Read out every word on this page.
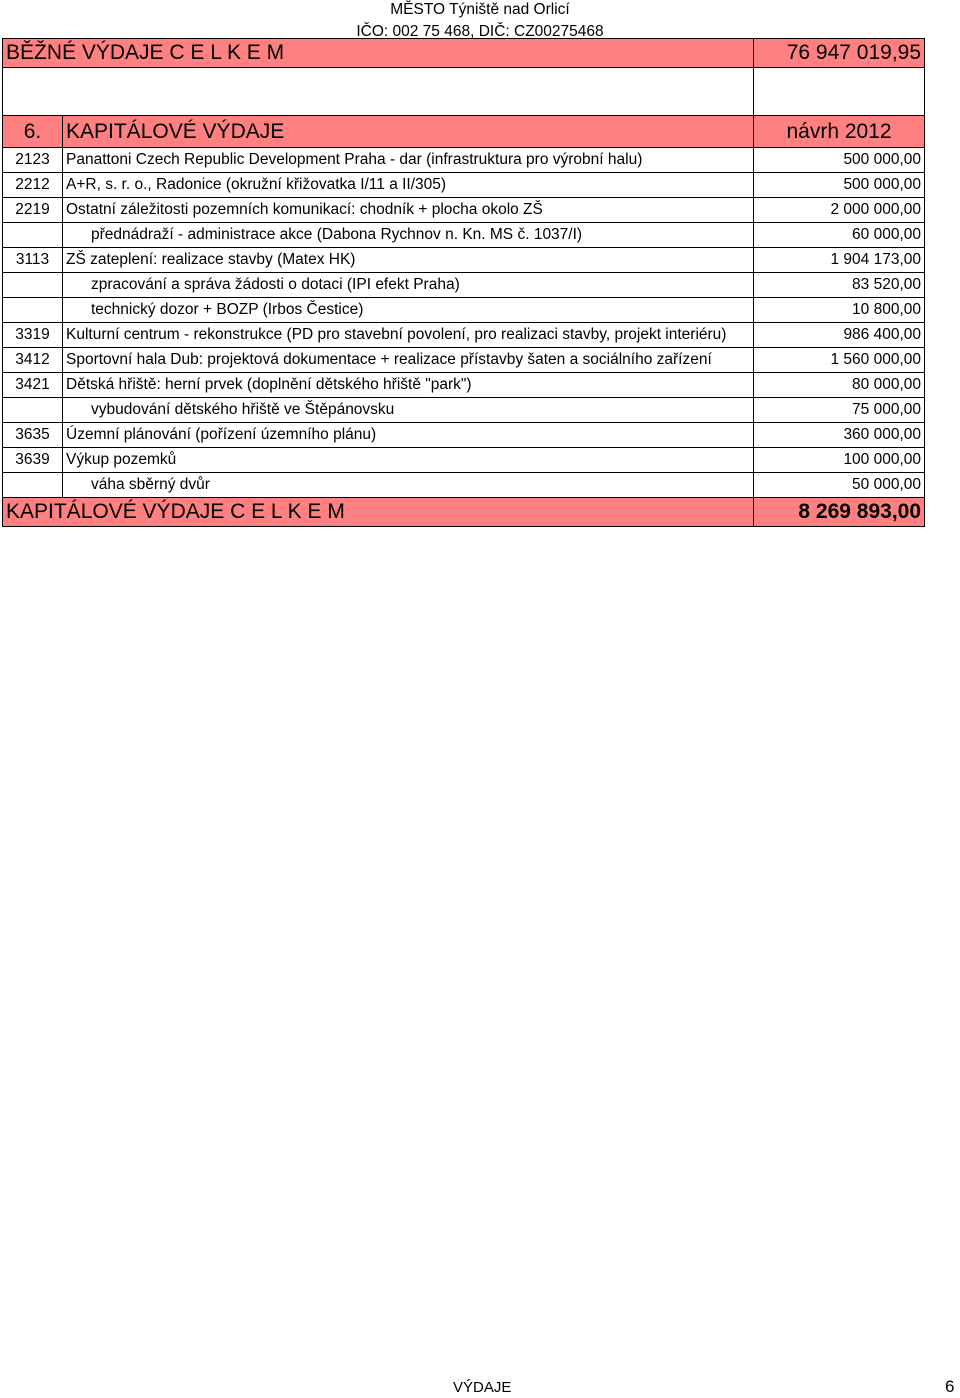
MĚSTO Týniště nad Orlicí
IČO: 002 75 468, DIČ: CZ00275468
BĚŽNÉ VÝDAJE C E L K E M		76 947 019,95

6.	KAPITÁLOVÉ VÝDAJE	návrh 2012
2123	Panattoni Czech Republic Development Praha - dar (infrastruktura pro výrobní halu)	500 000,00
2212	A+R, s. r. o., Radonice (okružní křižovatka I/11 a II/305)	500 000,00
2219	Ostatní záležitosti pozemních komunikací: chodník + plocha okolo ZŠ	2 000 000,00
	přednádraží - administrace akce (Dabona Rychnov n. Kn. MS č. 1037/I)	60 000,00
3113	ZŠ zateplení: realizace stavby (Matex HK)	1 904 173,00
	zpracování a správa žádosti o dotaci (IPI efekt Praha)	83 520,00
	technický dozor + BOZP (Irbos Čestice)	10 800,00
3319	Kulturní centrum - rekonstrukce (PD pro stavební povolení, pro realizaci stavby, projekt interiéru)	986 400,00
3412	Sportovní hala Dub: projektová dokumentace + realizace přístavby šaten a sociálního zařízení	1 560 000,00
3421	Dětská hřiště: herní prvek (doplnění dětského hřiště "park")	80 000,00
	vybudování dětského hřiště ve Štěpánovsku	75 000,00
3635	Územní plánování (pořízení územního plánu)	360 000,00
3639	Výkup pozemků	100 000,00
	váha sběrný dvůr	50 000,00
KAPITÁLOVÉ VÝDAJE C E L K E M		8 269 893,00
VÝDAJE	6
